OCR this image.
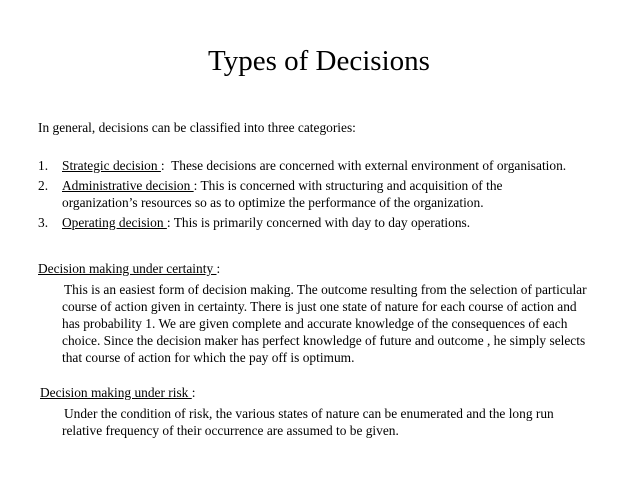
Types of Decisions
In general, decisions can be classified into three categories:
1.	Strategic decision :  These decisions are concerned with external environment of organisation.
2.	Administrative decision : This is concerned with structuring and acquisition of the organization’s resources so as to optimize the performance of the organization.
3.	Operating decision : This is primarily concerned with day to day operations.
Decision making under certainty :
This is an easiest form of decision making. The outcome resulting from the selection of particular course of action given in certainty. There is just one state of nature for each course of action and has probability 1. We are given complete and accurate knowledge of the consequences of each choice. Since the decision maker has perfect knowledge of future and outcome , he simply selects that course of action for which the pay off is optimum.
Decision making under risk :
Under the condition of risk, the various states of nature can be enumerated and the long run relative frequency of their occurrence are assumed to be given.
